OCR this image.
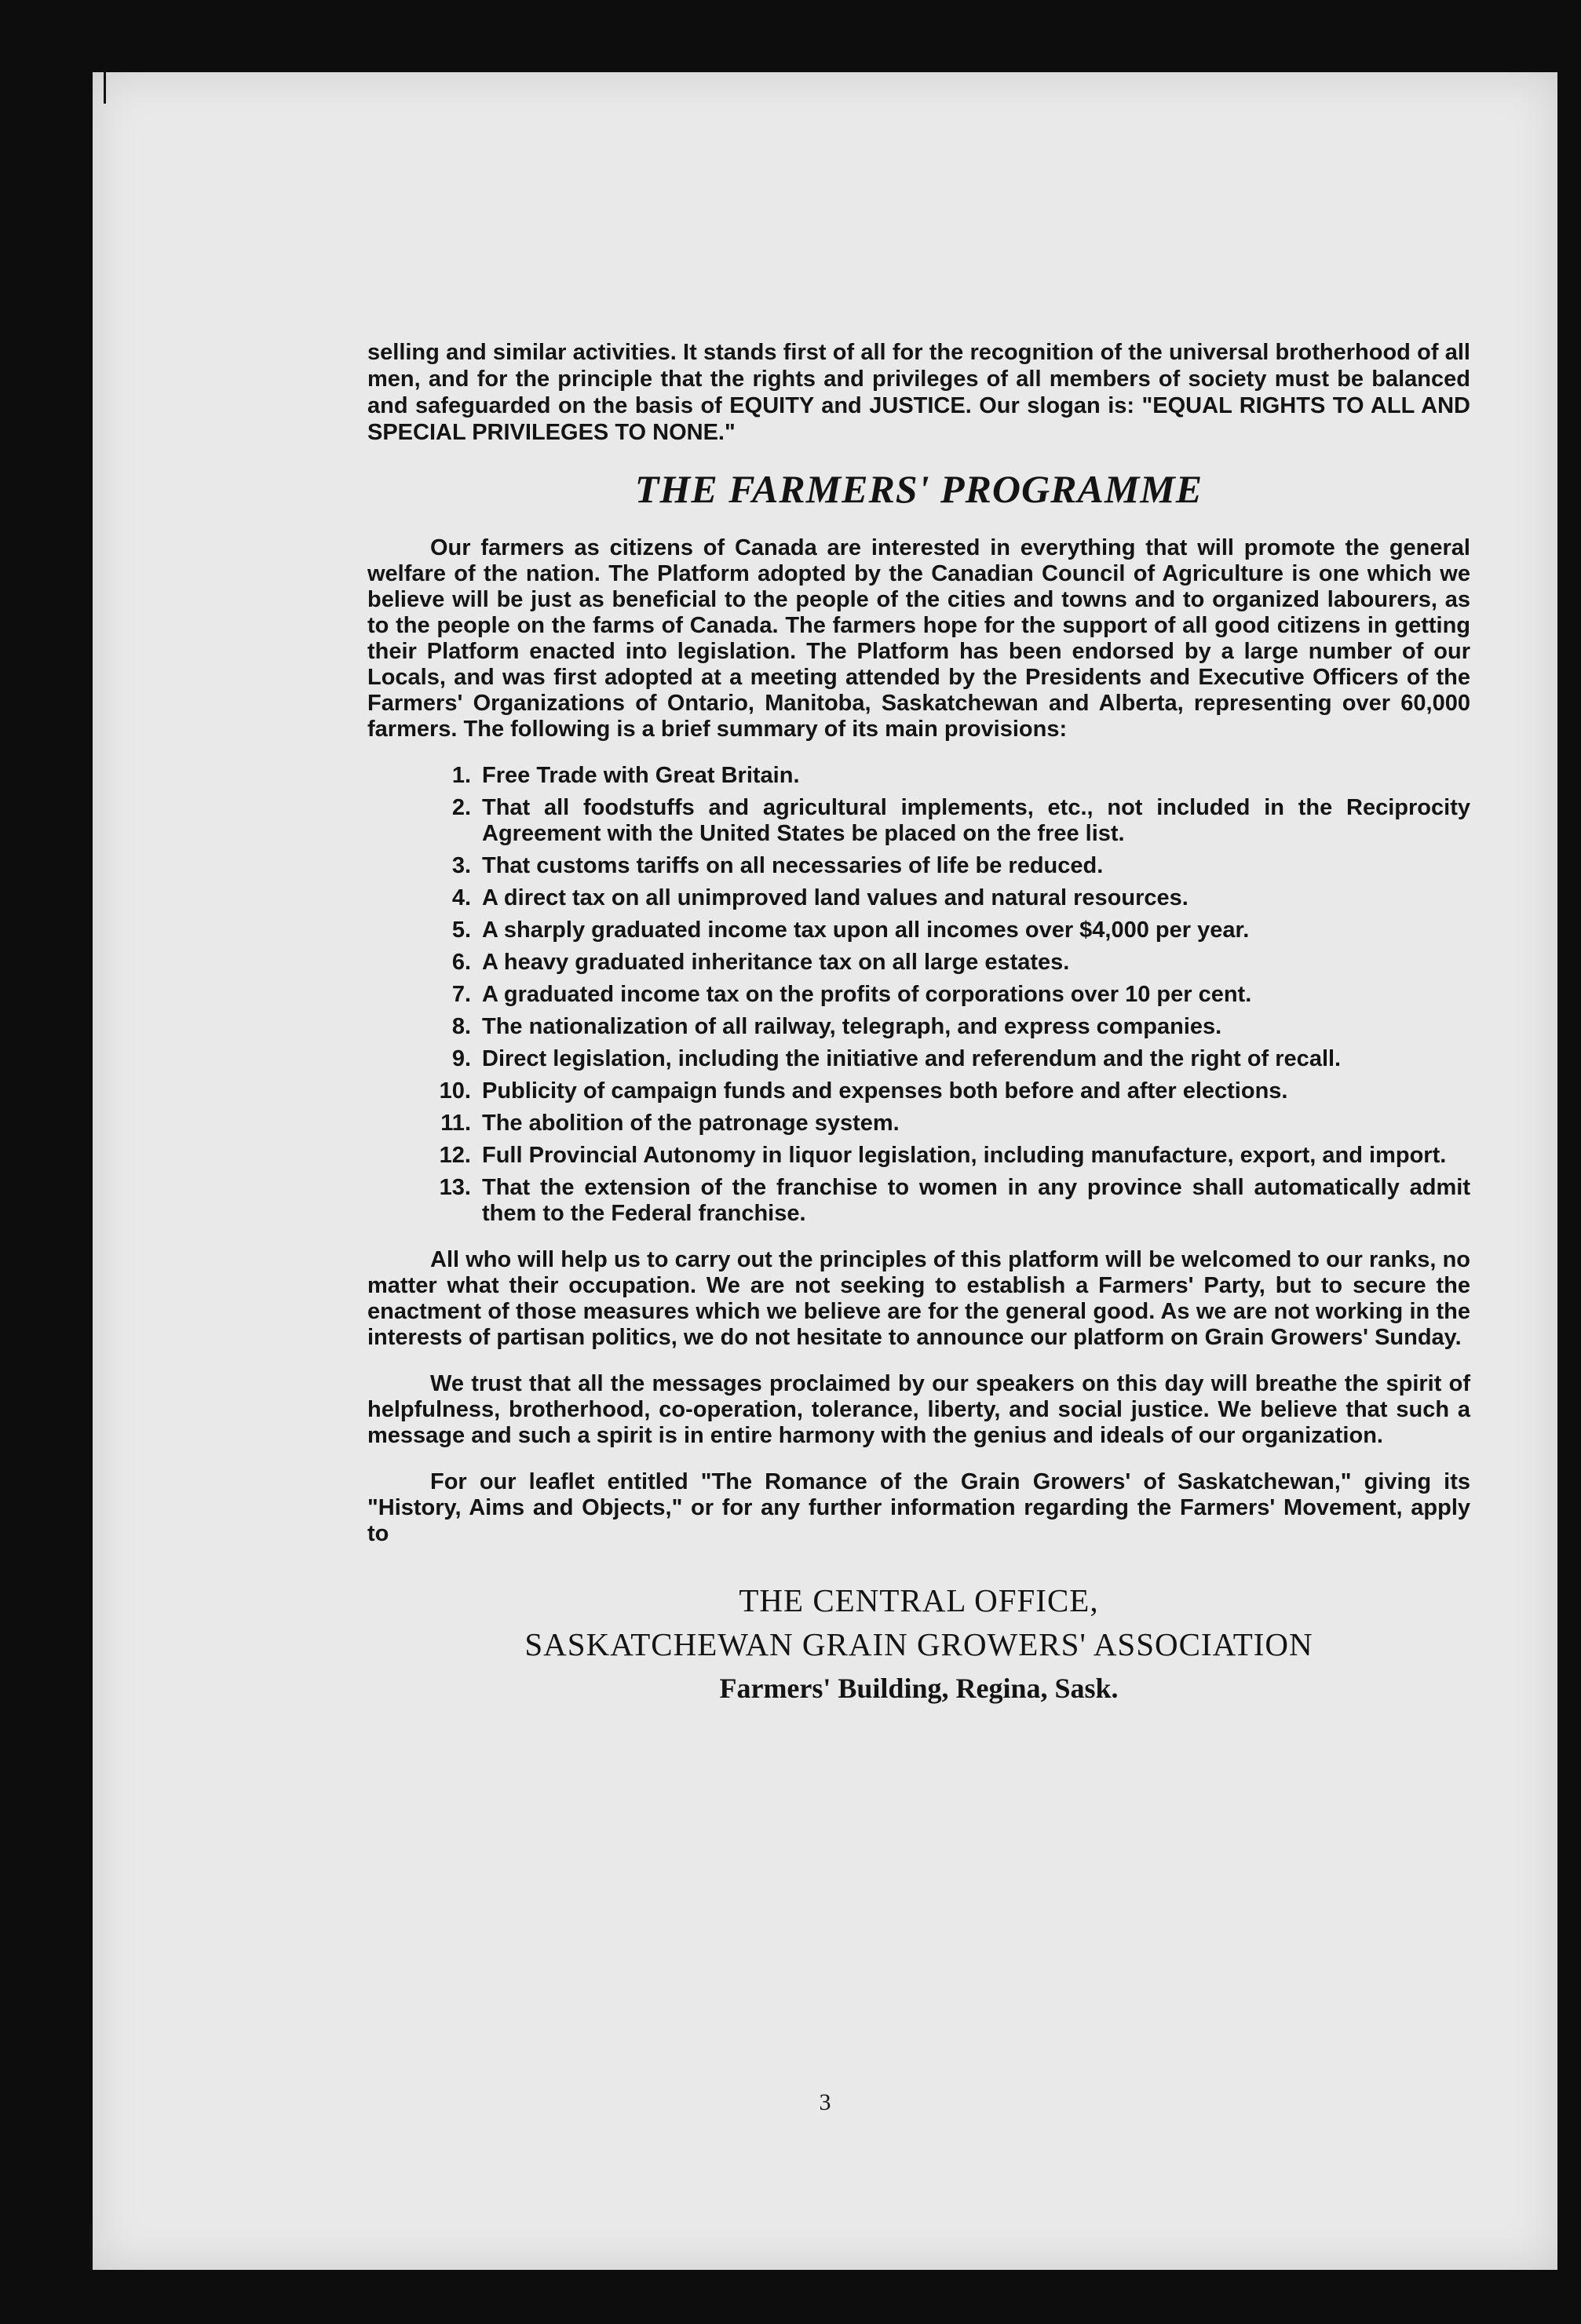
selling and similar activities. It stands first of all for the recognition of the universal brotherhood of all men, and for the principle that the rights and privileges of all members of society must be balanced and safeguarded on the basis of EQUITY and JUSTICE. Our slogan is: "EQUAL RIGHTS TO ALL AND SPECIAL PRIVILEGES TO NONE."

THE FARMERS' PROGRAMME

Our farmers as citizens of Canada are interested in everything that will promote the general welfare of the nation. The Platform adopted by the Canadian Council of Agriculture is one which we believe will be just as beneficial to the people of the cities and towns and to organized labourers, as to the people on the farms of Canada. The farmers hope for the support of all good citizens in getting their Platform enacted into legislation. The Platform has been endorsed by a large number of our Locals, and was first adopted at a meeting attended by the Presidents and Executive Officers of the Farmers' Organizations of Ontario, Manitoba, Saskatchewan and Alberta, representing over 60,000 farmers. The following is a brief summary of its main provisions:

1. Free Trade with Great Britain.
2. That all foodstuffs and agricultural implements, etc., not included in the Reciprocity Agreement with the United States be placed on the free list.
3. That customs tariffs on all necessaries of life be reduced.
4. A direct tax on all unimproved land values and natural resources.
5. A sharply graduated income tax upon all incomes over $4,000 per year.
6. A heavy graduated inheritance tax on all large estates.
7. A graduated income tax on the profits of corporations over 10 per cent.
8. The nationalization of all railway, telegraph, and express companies.
9. Direct legislation, including the initiative and referendum and the right of recall.
10. Publicity of campaign funds and expenses both before and after elections.
11. The abolition of the patronage system.
12. Full Provincial Autonomy in liquor legislation, including manufacture, export, and import.
13. That the extension of the franchise to women in any province shall automatically admit them to the Federal franchise.

All who will help us to carry out the principles of this platform will be welcomed to our ranks, no matter what their occupation. We are not seeking to establish a Farmers' Party, but to secure the enactment of those measures which we believe are for the general good. As we are not working in the interests of partisan politics, we do not hesitate to announce our platform on Grain Growers' Sunday.

We trust that all the messages proclaimed by our speakers on this day will breathe the spirit of helpfulness, brotherhood, co-operation, tolerance, liberty, and social justice. We believe that such a message and such a spirit is in entire harmony with the genius and ideals of our organization.

For our leaflet entitled "The Romance of the Grain Growers' of Saskatchewan," giving its "History, Aims and Objects," or for any further information regarding the Farmers' Movement, apply to

THE CENTRAL OFFICE,
SASKATCHEWAN GRAIN GROWERS' ASSOCIATION
Farmers' Building, Regina, Sask.
3
